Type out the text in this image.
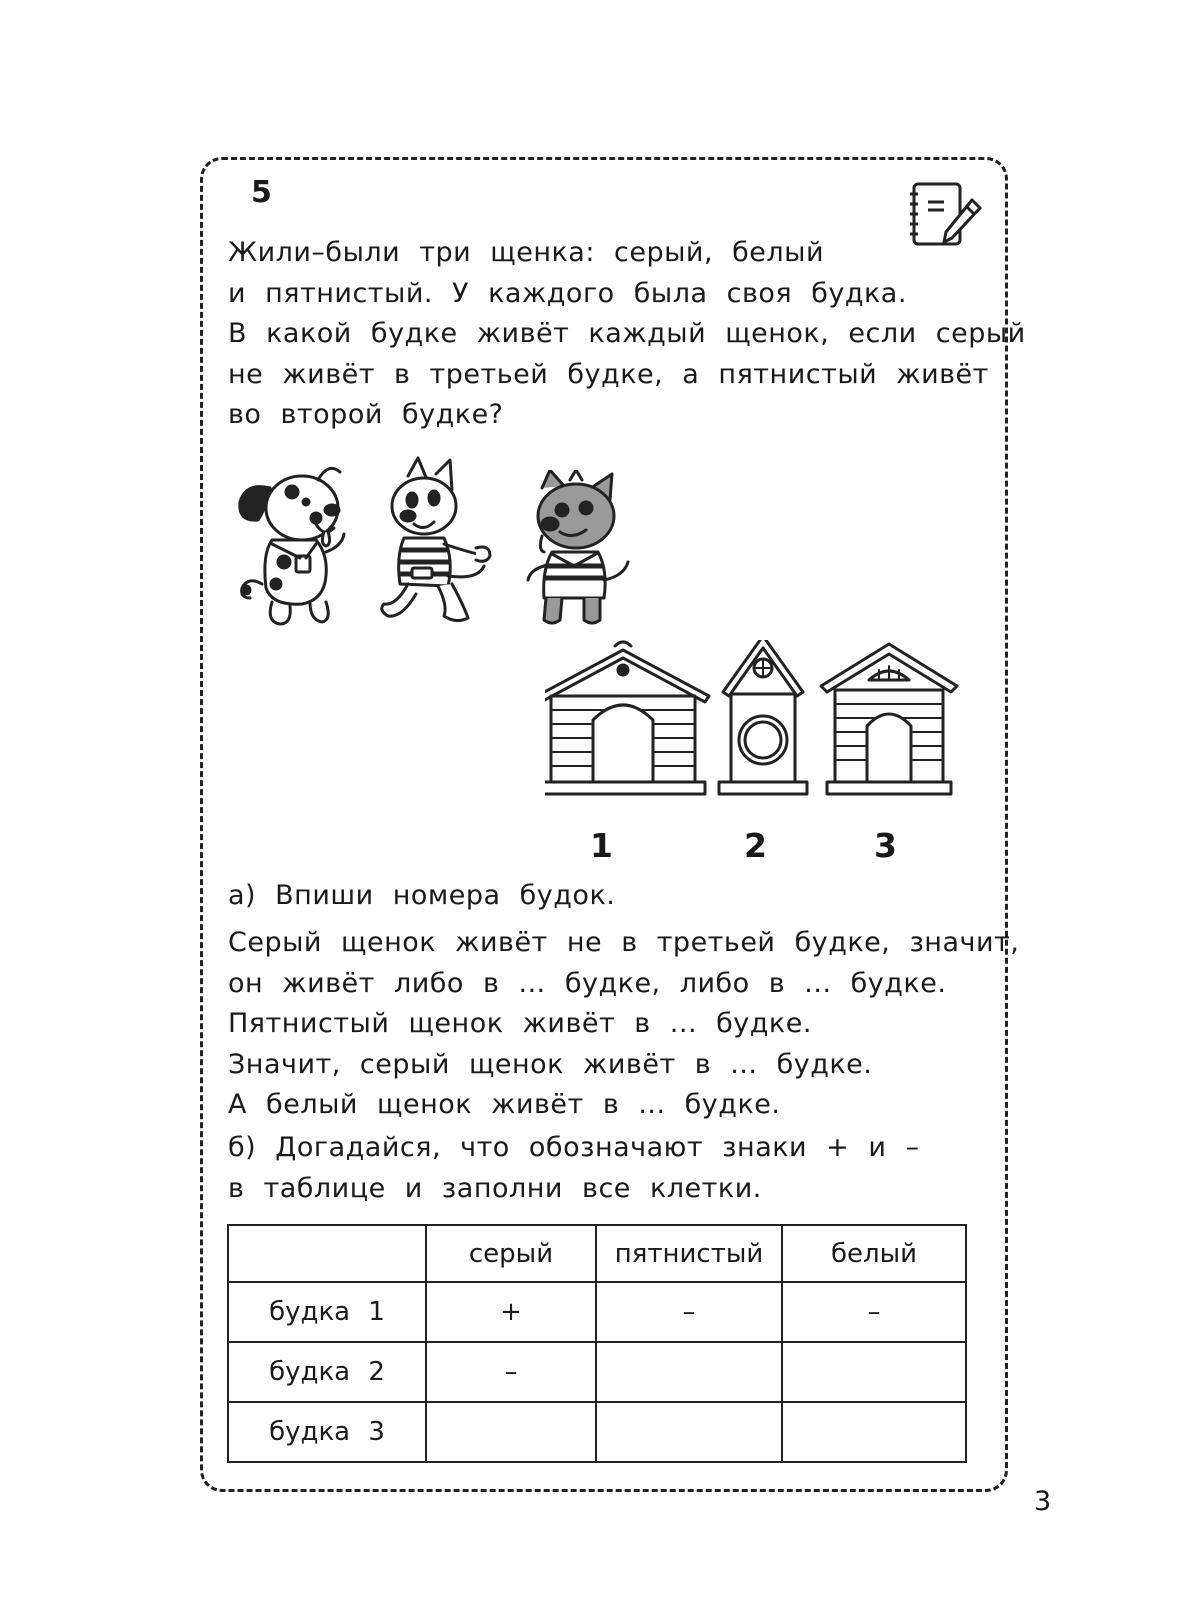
5
Жили–были три щенка: серый, белый
и пятнистый. У каждого была своя будка.
В какой будке живёт каждый щенок, если серый
не живёт в третьей будке, а пятнистый живёт
во второй будке?
1	2	3
а) Впиши номера будок.
Серый щенок живёт не в третьей будке, значит,
он живёт либо в ... будке, либо в ... будке.
Пятнистый щенок живёт в ... будке.
Значит, серый щенок живёт в ... будке.
А белый щенок живёт в ... будке.
б) Догадайся, что обозначают знаки + и –
в таблице и заполни все клетки.
	серый	пятнистый	белый
будка 1	+	–	–
будка 2	–		
будка 3			
3
